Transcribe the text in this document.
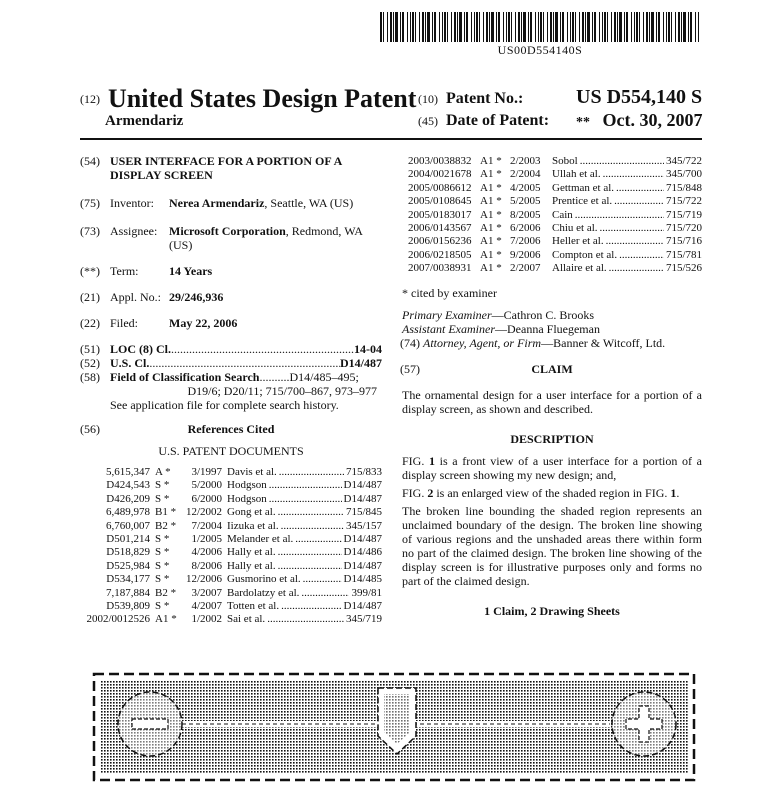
US00D554140S
(12) United States Design Patent
Armendariz
(10) Patent No.:	US D554,140 S
(45) Date of Patent: ** Oct. 30, 2007
(54) USER INTERFACE FOR A PORTION OF A
DISPLAY SCREEN
(75) Inventor: Nerea Armendariz, Seattle, WA (US)
(73) Assignee: Microsoft Corporation, Redmond, WA
(US)
(**) Term:	14 Years
(21) Appl. No.: 29/246,936
(22) Filed:	May 22, 2006
(51) LOC (8) Cl. .....	14-04
(52) U.S. Cl. .....	D14/487
(58) Field of Classification Search .....	D14/485–495;
D19/6; D20/11; 715/700–867, 973–977
See application file for complete search history.
(56)	References Cited
U.S. PATENT DOCUMENTS
5,615,347 A *	3/1997 Davis et al. .....	715/833
D424,543 S *	5/2000 Hodgson .....	D14/487
D426,209 S *	6/2000 Hodgson .....	D14/487
6,489,978 B1 * 12/2002 Gong et al. .....	715/845
6,760,007 B2 *	7/2004 Iizuka et al. .....	345/157
D501,214 S *	1/2005 Melander et al. .....	D14/487
D518,829 S *	4/2006 Hally et al. .....	D14/486
D525,984 S *	8/2006 Hally et al. .....	D14/487
D534,177 S *	12/2006 Gusmorino et al. .....	D14/485
7,187,884 B2 *	3/2007 Bardolatzy et al. .....	399/81
D539,809 S *	4/2007 Totten et al. .....	D14/487
2002/0012526 A1 *	1/2002 Sai et al. .....	345/719
2003/0038832 A1 * 2/2003	Sobol .....	345/722
2004/0021678 A1 * 2/2004	Ullah et al. .....	345/700
2005/0086612 A1 * 4/2005	Gettman et al. .....	715/848
2005/0108645 A1 * 5/2005	Prentice et al. .....	715/722
2005/0183017 A1 * 8/2005	Cain .....	715/719
2006/0143567 A1 * 6/2006	Chiu et al. .....	715/720
2006/0156236 A1 * 7/2006	Heller et al. .....	715/716
2006/0218505 A1 * 9/2006	Compton et al. .....	715/781
2007/0038931 A1 * 2/2007	Allaire et al. .....	715/526
* cited by examiner
Primary Examiner—Cathron C. Brooks
Assistant Examiner—Deanna Fluegeman
(74) Attorney, Agent, or Firm—Banner & Witcoff, Ltd.
(57)	CLAIM
The ornamental design for a user interface for a portion of a display screen, as shown and described.
DESCRIPTION
FIG. 1 is a front view of a user interface for a portion of a display screen showing my new design; and,
FIG. 2 is an enlarged view of the shaded region in FIG. 1.
The broken line bounding the shaded region represents an unclaimed boundary of the design. The broken line showing of various regions and the unshaded areas there within form no part of the claimed design. The broken line showing of the display screen is for illustrative purposes only and forms no part of the claimed design.
1 Claim, 2 Drawing Sheets
